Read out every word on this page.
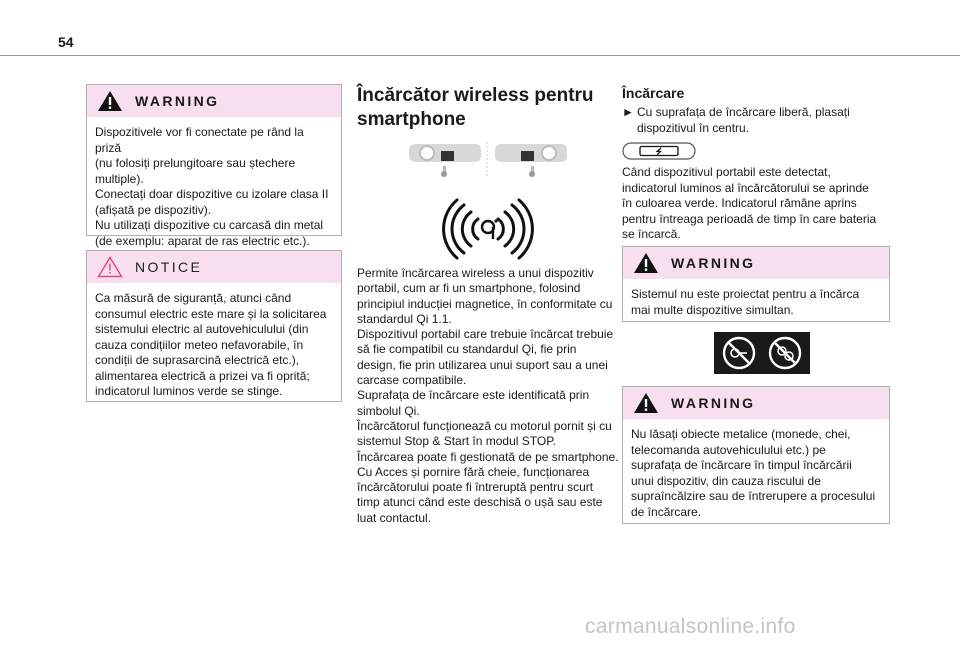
54
WARNING
Dispozitivele vor fi conectate pe rând la priză
(nu folosiți prelungitoare sau ștechere
multiple).
Conectați doar dispozitive cu izolare clasa II
(afișată pe dispozitiv).
Nu utilizați dispozitive cu carcasă din metal
(de exemplu: aparat de ras electric etc.).
NOTICE
Ca măsură de siguranță, atunci când
consumul electric este mare și la solicitarea
sistemului electric al autovehiculului (din
cauza condițiilor meteo nefavorabile, în
condiții de suprasarcină electrică etc.),
alimentarea electrică a prizei va fi oprită;
indicatorul luminos verde se stinge.
Încărcător wireless pentru
smartphone
Permite încărcarea wireless a unui dispozitiv
portabil, cum ar fi un smartphone, folosind
principiul inducției magnetice, în conformitate cu
standardul Qi 1.1.
Dispozitivul portabil care trebuie încărcat trebuie
să fie compatibil cu standardul Qi, fie prin
design, fie prin utilizarea unui suport sau a unei
carcase compatibile.
Suprafața de încărcare este identificată prin
simbolul Qi.
Încărcătorul funcționează cu motorul pornit și cu
sistemul Stop & Start în modul STOP.
Încărcarea poate fi gestionată de pe smartphone.
Cu Acces și pornire fără cheie, funcționarea
încărcătorului poate fi întreruptă pentru scurt
timp atunci când este deschisă o ușă sau este
luat contactul.
Încărcare
► Cu suprafața de încărcare liberă, plasați
dispozitivul în centru.
Când dispozitivul portabil este detectat,
indicatorul luminos al încărcătorului se aprinde
în culoarea verde. Indicatorul rămâne aprins
pentru întreaga perioadă de timp în care bateria
se încarcă.
WARNING
Sistemul nu este proiectat pentru a încărca
mai multe dispozitive simultan.
WARNING
Nu lăsați obiecte metalice (monede, chei,
telecomanda autovehiculului etc.) pe
suprafața de încărcare în timpul încărcării
unui dispozitiv, din cauza riscului de
supraîncălzire sau de întrerupere a procesului
de încărcare.
carmanualsonline.info
